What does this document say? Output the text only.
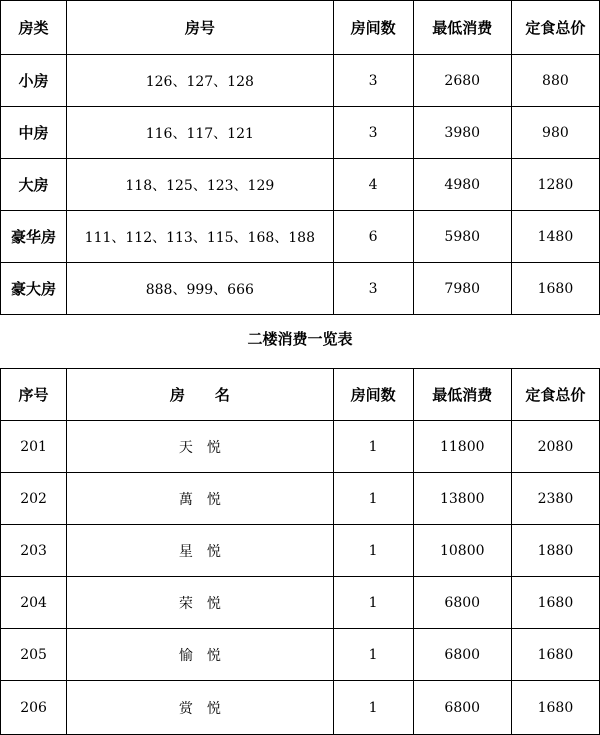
房类	房号	房间数	最低消费	定食总价
小房	126、127、128	3	2680	880
中房	116、117、121	3	3980	980
大房	118、125、123、129	4	4980	1280
豪华房	111、112、113、115、168、188	6	5980	1480
豪大房	888、999、666	3	7980	1680
二楼消费一览表
序号	房　　名	房间数	最低消费	定食总价
201	天　悦	1	11800	2080
202	萬　悦	1	13800	2380
203	星　悦	1	10800	1880
204	荣　悦	1	6800	1680
205	愉　悦	1	6800	1680
206	赏　悦	1	6800	1680
